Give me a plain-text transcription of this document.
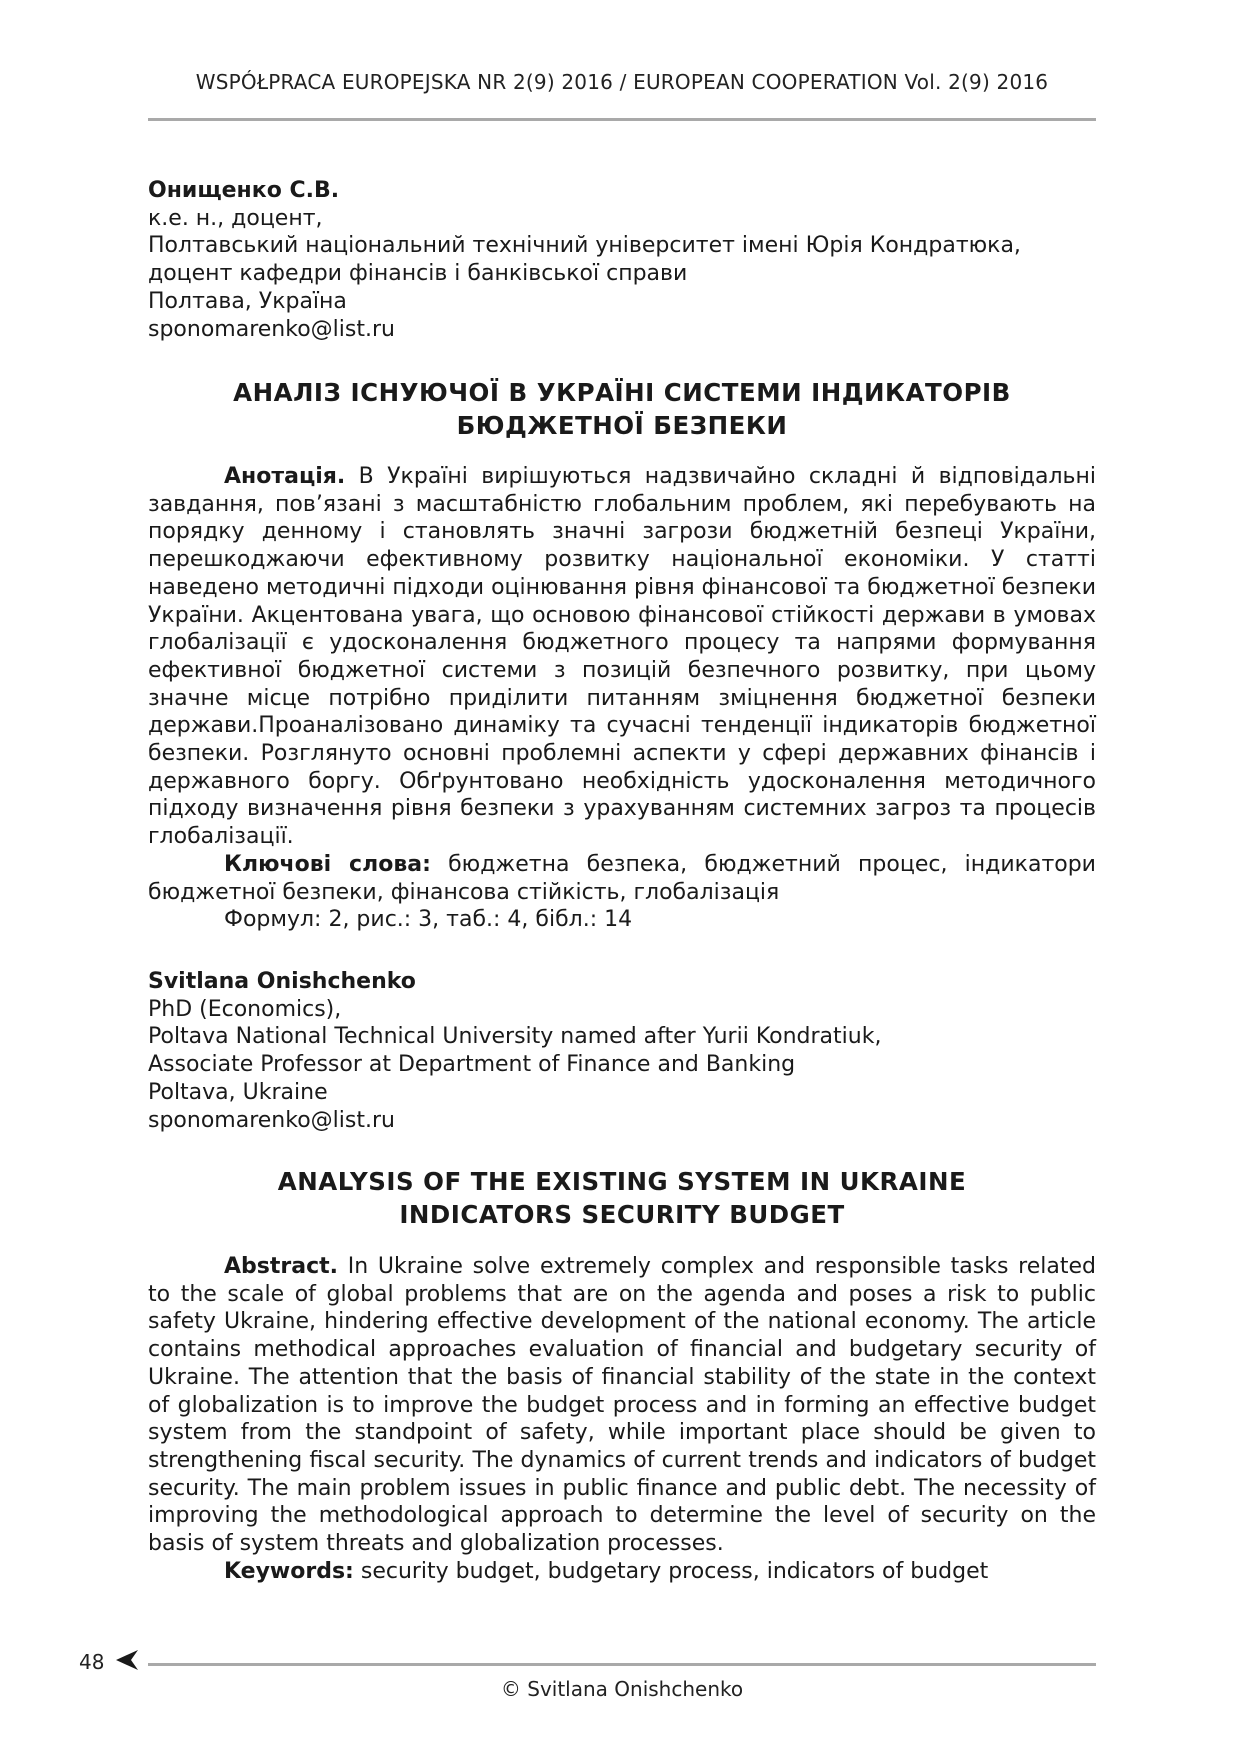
WSPÓŁPRACA EUROPEJSKA NR 2(9) 2016 / EUROPEAN COOPERATION Vol. 2(9) 2016
Онищенко С.В.
к.е. н., доцент,
Полтавський національний технічний університет імені Юрія Кондратюка,
доцент кафедри фінансів і банківської справи
Полтава, Україна
sponomarenko@list.ru
АНАЛІЗ ІСНУЮЧОЇ В УКРАЇНІ СИСТЕМИ ІНДИКАТОРІВ
БЮДЖЕТНОЇ БЕЗПЕКИ

Анотація. В Україні вирішуються надзвичайно складні й відповідальні завдання, пов’язані з масштабністю глобальним проблем, які перебувають на порядку денному і становлять значні загрози бюджетній безпеці України, перешкоджаючи ефективному розвитку національної економіки. У статті наведено методичні підходи оцінювання рівня фінансової та бюджетної безпеки України. Акцентована увага, що основою фінансової стійкості держави в умовах глобалізації є удосконалення бюджетного процесу та напрями формування ефективної бюджетної системи з позицій безпечного розвитку, при цьому значне місце потрібно приділити питанням зміцнення бюджетної безпеки держави.Проаналізовано динаміку та сучасні тенденції індикаторів бюджетної безпеки. Розглянуто основні проблемні аспекти у сфері державних фінансів і державного боргу. Обґрунтовано необхідність удосконалення методичного підходу визначення рівня безпеки з урахуванням системних загроз та процесів глобалізації.

Ключові слова: бюджетна безпека, бюджетний процес, індикатори бюджетної безпеки, фінансова стійкість, глобалізація

Формул: 2, рис.: 3, таб.: 4, бібл.: 14

Svitlana Onishchenko
PhD (Economics),
Poltava National Technical University named after Yurii Kondratiuk,
Associate Professor at Department of Finance and Banking
Poltava, Ukraine
sponomarenko@list.ru
ANALYSIS OF THE EXISTING SYSTEM IN UKRAINE
INDICATORS SECURITY BUDGET

Abstract. In Ukraine solve extremely complex and responsible tasks related to the scale of global problems that are on the agenda and poses a risk to public safety Ukraine, hindering effective development of the national economy. The article contains methodical approaches evaluation of financial and budgetary security of Ukraine. The attention that the basis of financial stability of the state in the context of globalization is to improve the budget process and in forming an effective budget system from the standpoint of safety, while important place should be given to strengthening fiscal security. The dynamics of current trends and indicators of budget security. The main problem issues in public finance and public debt. The necessity of improving the methodological approach to determine the level of security on the basis of system threats and globalization processes.

Keywords: security budget, budgetary process, indicators of budget

48
© Svitlana Onishchenko
